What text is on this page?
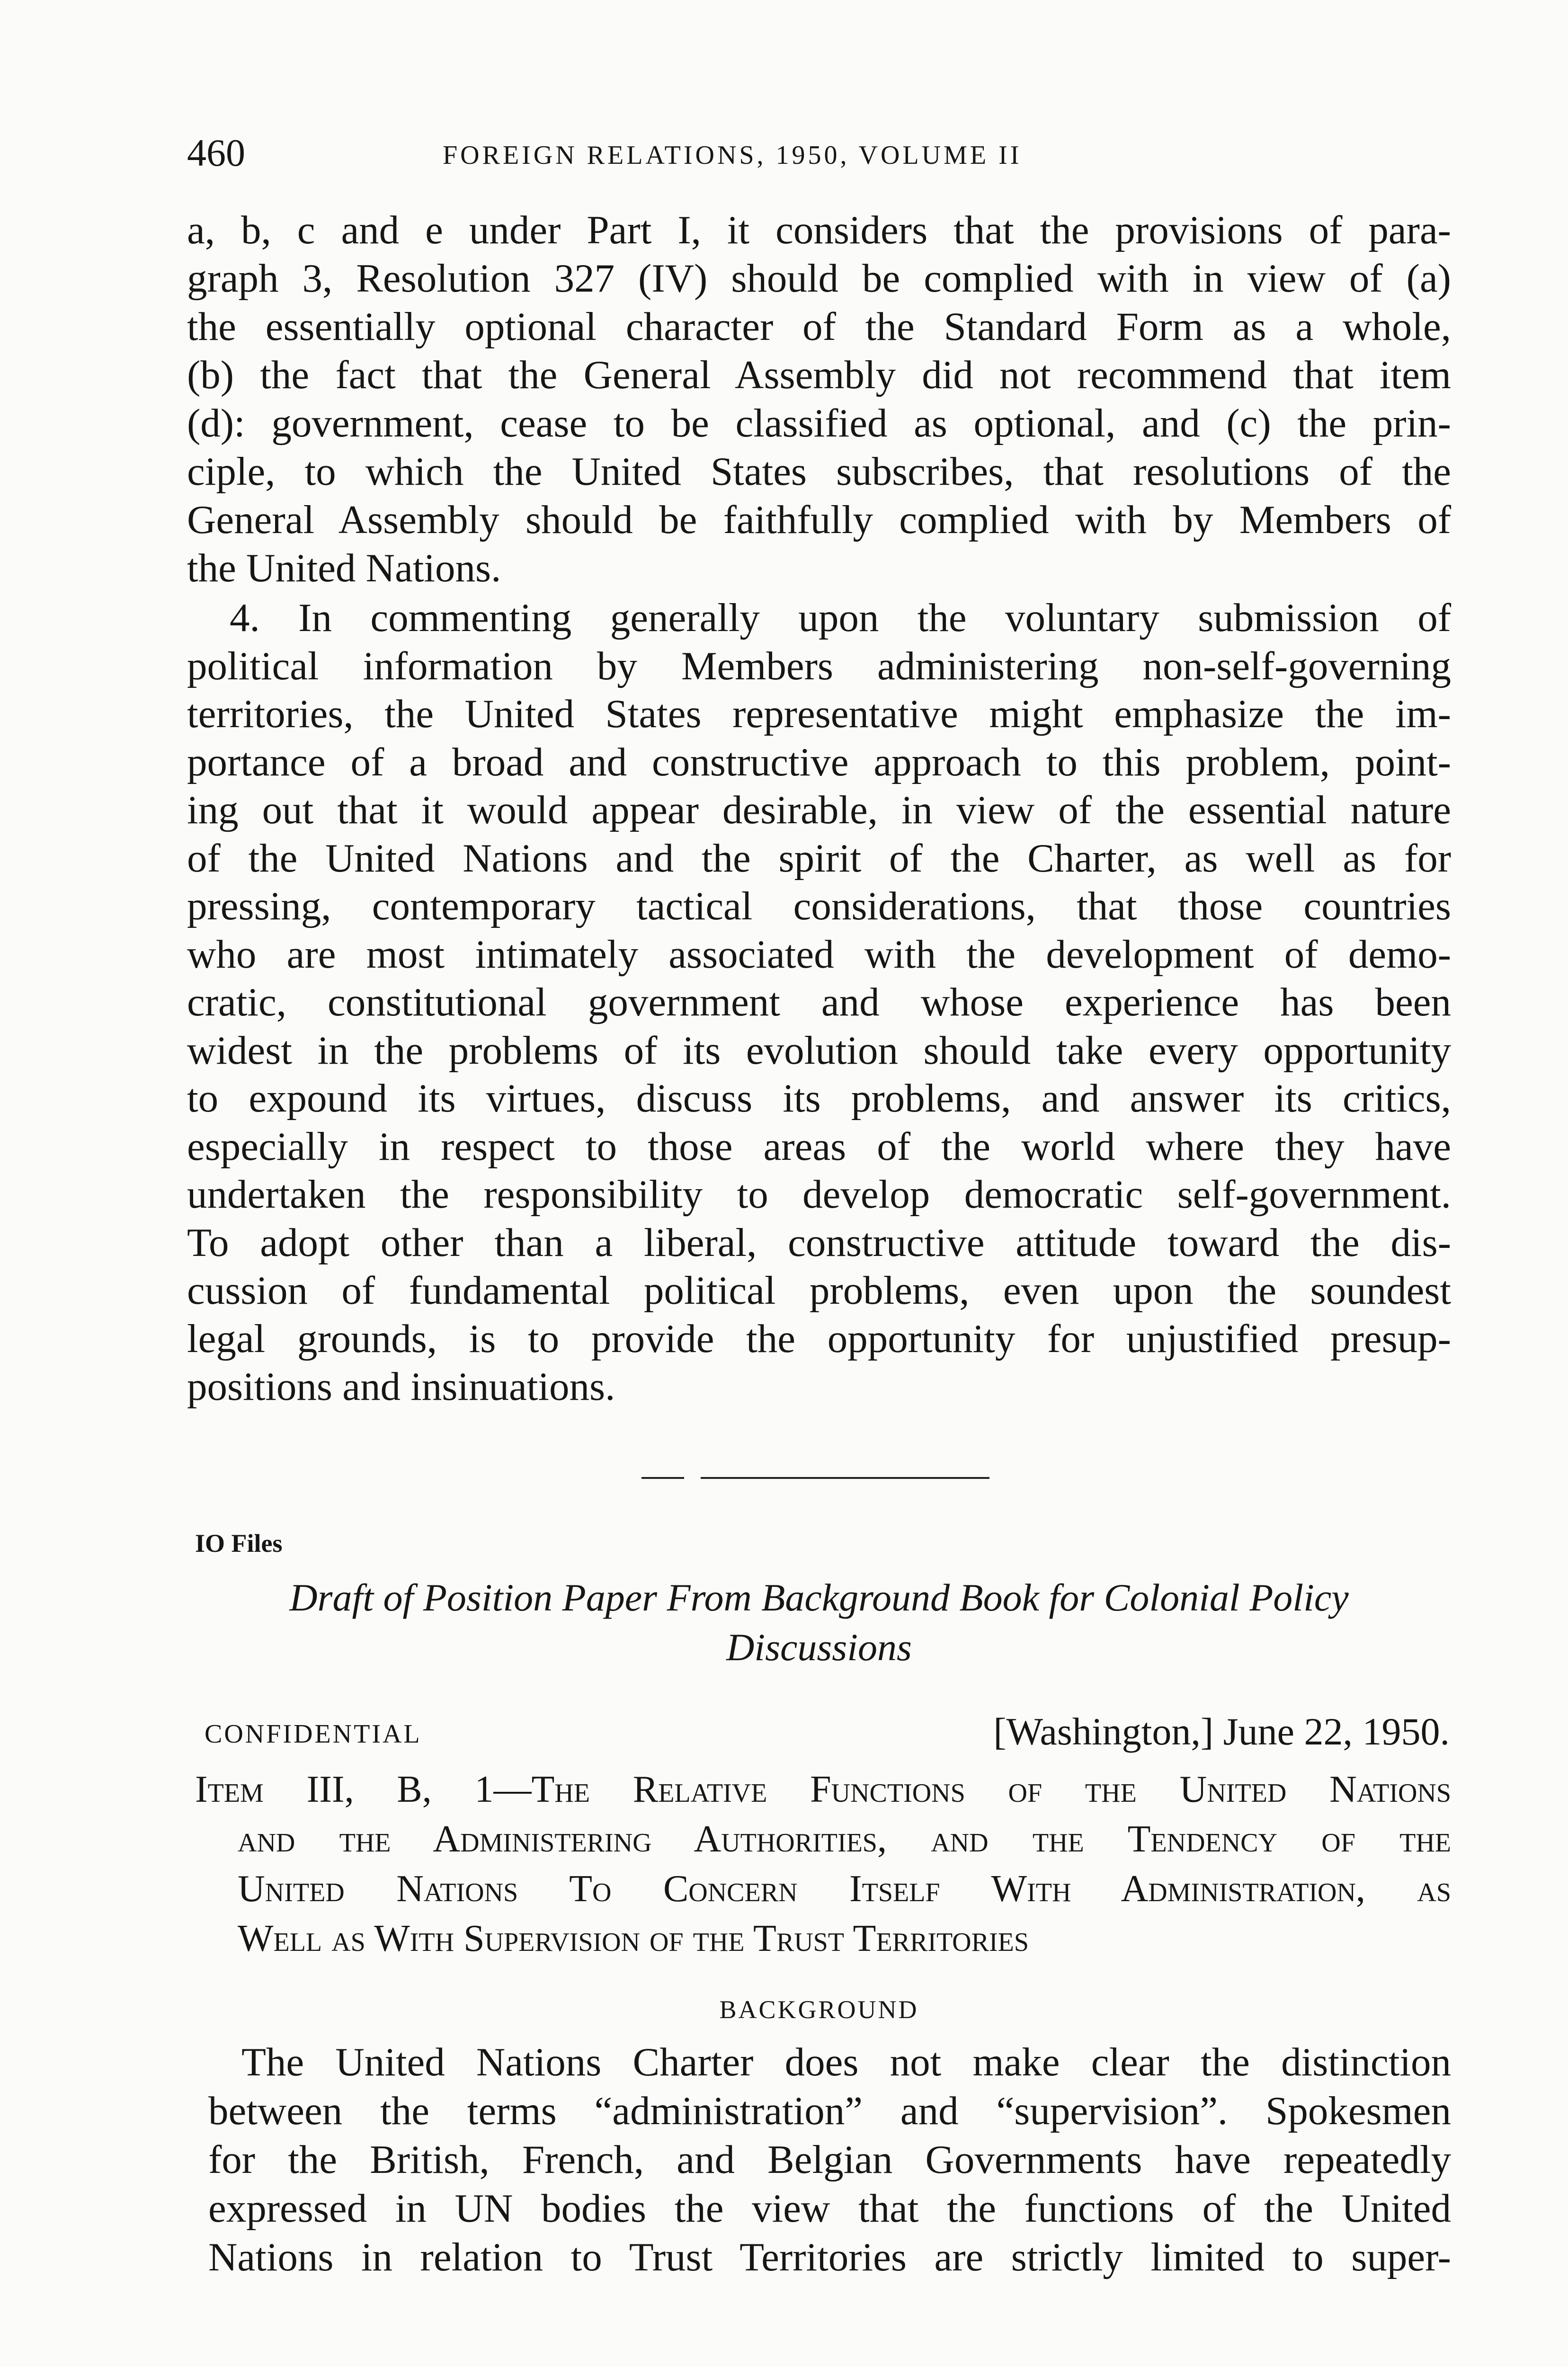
460	FOREIGN RELATIONS, 1950, VOLUME II
a, b, c and e under Part I, it considers that the provisions of para-
graph 3, Resolution 327 (IV) should be complied with in view of (a)
the essentially optional character of the Standard Form as a whole,
(b) the fact that the General Assembly did not recommend that item
(d): government, cease to be classified as optional, and (c) the prin-
ciple, to which the United States subscribes, that resolutions of the
General Assembly should be faithfully complied with by Members of
the United Nations.
4. In commenting generally upon the voluntary submission of
political information by Members administering non-self-governing
territories, the United States representative might emphasize the im-
portance of a broad and constructive approach to this problem, point-
ing out that it would appear desirable, in view of the essential nature
of the United Nations and the spirit of the Charter, as well as for
pressing, contemporary tactical considerations, that those countries
who are most intimately associated with the development of demo-
cratic, constitutional government and whose experience has been
widest in the problems of its evolution should take every opportunity
to expound its virtues, discuss its problems, and answer its critics,
especially in respect to those areas of the world where they have
undertaken the responsibility to develop democratic self-government.
To adopt other than a liberal, constructive attitude toward the dis-
cussion of fundamental political problems, even upon the soundest
legal grounds, is to provide the opportunity for unjustified presup-
positions and insinuations.
IO Files
Draft of Position Paper From Background Book for Colonial Policy
Discussions
CONFIDENTIAL	[Washington,] June 22, 1950.
Item III, B, 1—The Relative Functions of the United Nations
and the Administering Authorities, and the Tendency of the
United Nations To Concern Itself With Administration, as
Well as With Supervision of the Trust Territories
BACKGROUND
The United Nations Charter does not make clear the distinction
between the terms “administration” and “supervision”. Spokesmen
for the British, French, and Belgian Governments have repeatedly
expressed in UN bodies the view that the functions of the United
Nations in relation to Trust Territories are strictly limited to super-
